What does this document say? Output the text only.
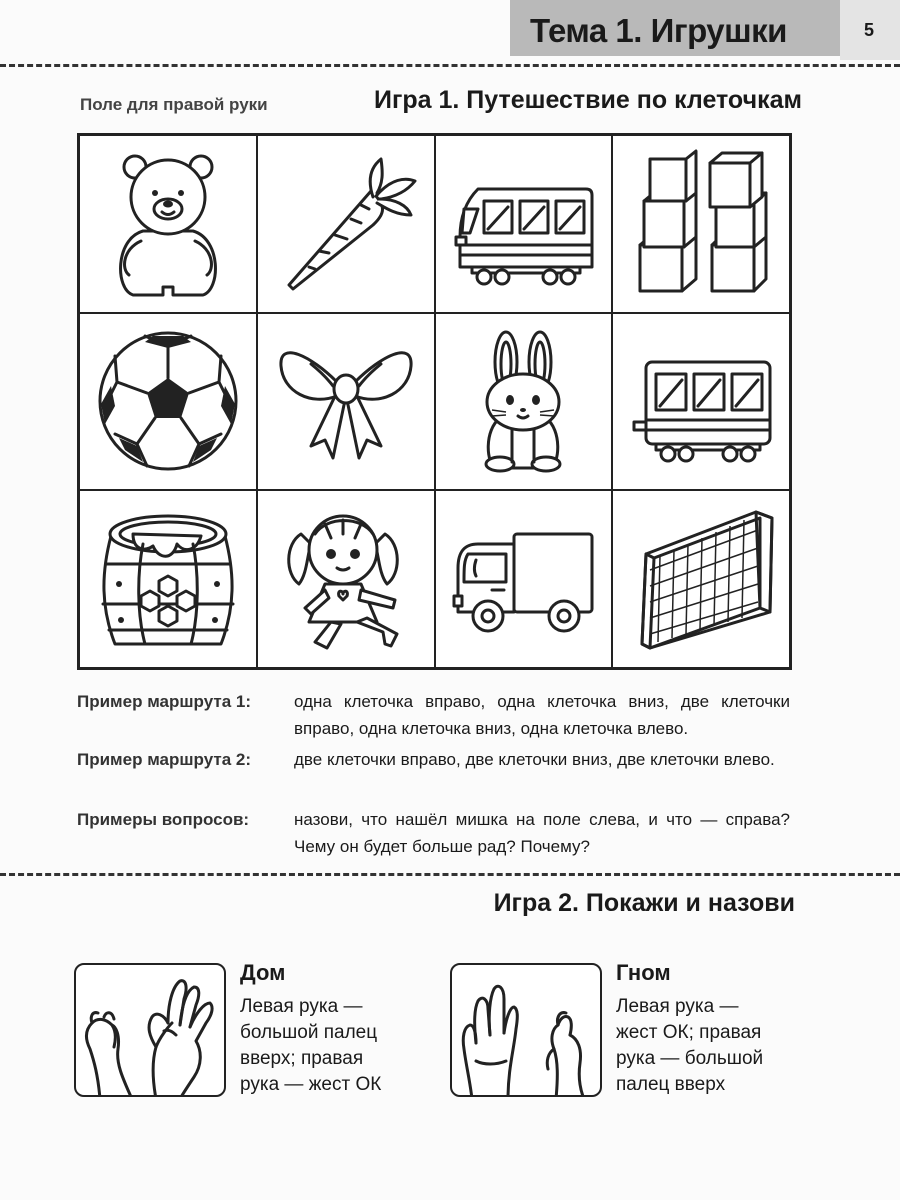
Тема 1. Игрушки	5
Поле для правой руки	Игра 1. Путешествие по клеточкам
Пример маршрута 1:	одна клеточка вправо, одна клеточка вниз, две клеточки вправо, одна клеточка вниз, одна клеточка влево.
Пример маршрута 2:	две клеточки вправо, две клеточки вниз, две клеточки влево.
Примеры вопросов:	назови, что нашёл мишка на поле слева, и что — справа? Чему он будет больше рад? Почему?
Игра 2. Покажи и назови
Дом
Левая рука — большой палец вверх; правая рука — жест ОК
Гном
Левая рука — жест ОК; правая рука — большой палец вверх
